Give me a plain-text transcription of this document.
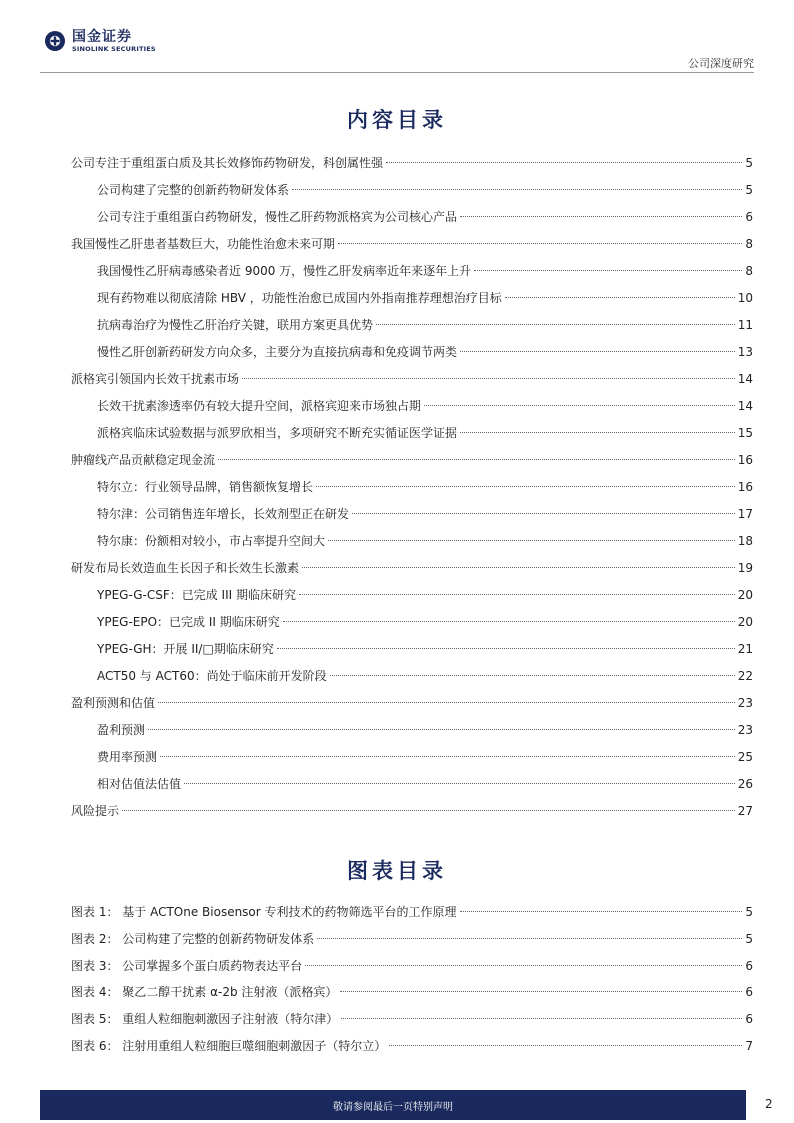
国金证券
SINOLINK SECURITIES
公司深度研究
内容目录
公司专注于重组蛋白质及其长效修饰药物研发，科创属性强	5
公司构建了完整的创新药物研发体系	5
公司专注于重组蛋白药物研发，慢性乙肝药物派格宾为公司核心产品	6
我国慢性乙肝患者基数巨大，功能性治愈未来可期	8
我国慢性乙肝病毒感染者近 9000 万，慢性乙肝发病率近年来逐年上升	8
现有药物难以彻底清除 HBV ，功能性治愈已成国内外指南推荐理想治疗目标	10
抗病毒治疗为慢性乙肝治疗关键，联用方案更具优势	11
慢性乙肝创新药研发方向众多，主要分为直接抗病毒和免疫调节两类	13
派格宾引领国内长效干扰素市场	14
长效干扰素渗透率仍有较大提升空间，派格宾迎来市场独占期	14
派格宾临床试验数据与派罗欣相当，多项研究不断充实循证医学证据	15
肿瘤线产品贡献稳定现金流	16
特尔立：行业领导品牌，销售额恢复增长	16
特尔津：公司销售连年增长，长效剂型正在研发	17
特尔康：份额相对较小，市占率提升空间大	18
研发布局长效造血生长因子和长效生长激素	19
YPEG-G-CSF：已完成 III 期临床研究	20
YPEG-EPO：已完成 II 期临床研究	20
YPEG-GH：开展 II/□期临床研究	21
ACT50 与 ACT60：尚处于临床前开发阶段	22
盈利预测和估值	23
盈利预测	23
费用率预测	25
相对估值法估值	26
风险提示	27
图表目录
图表 1： 基于 ACTOne Biosensor 专利技术的药物筛选平台的工作原理	5
图表 2： 公司构建了完整的创新药物研发体系	5
图表 3： 公司掌握多个蛋白质药物表达平台	6
图表 4： 聚乙二醇干扰素 α-2b 注射液（派格宾）	6
图表 5： 重组人粒细胞刺激因子注射液（特尔津）	6
图表 6： 注射用重组人粒细胞巨噬细胞刺激因子（特尔立）	7
敬请参阅最后一页特别声明	2
